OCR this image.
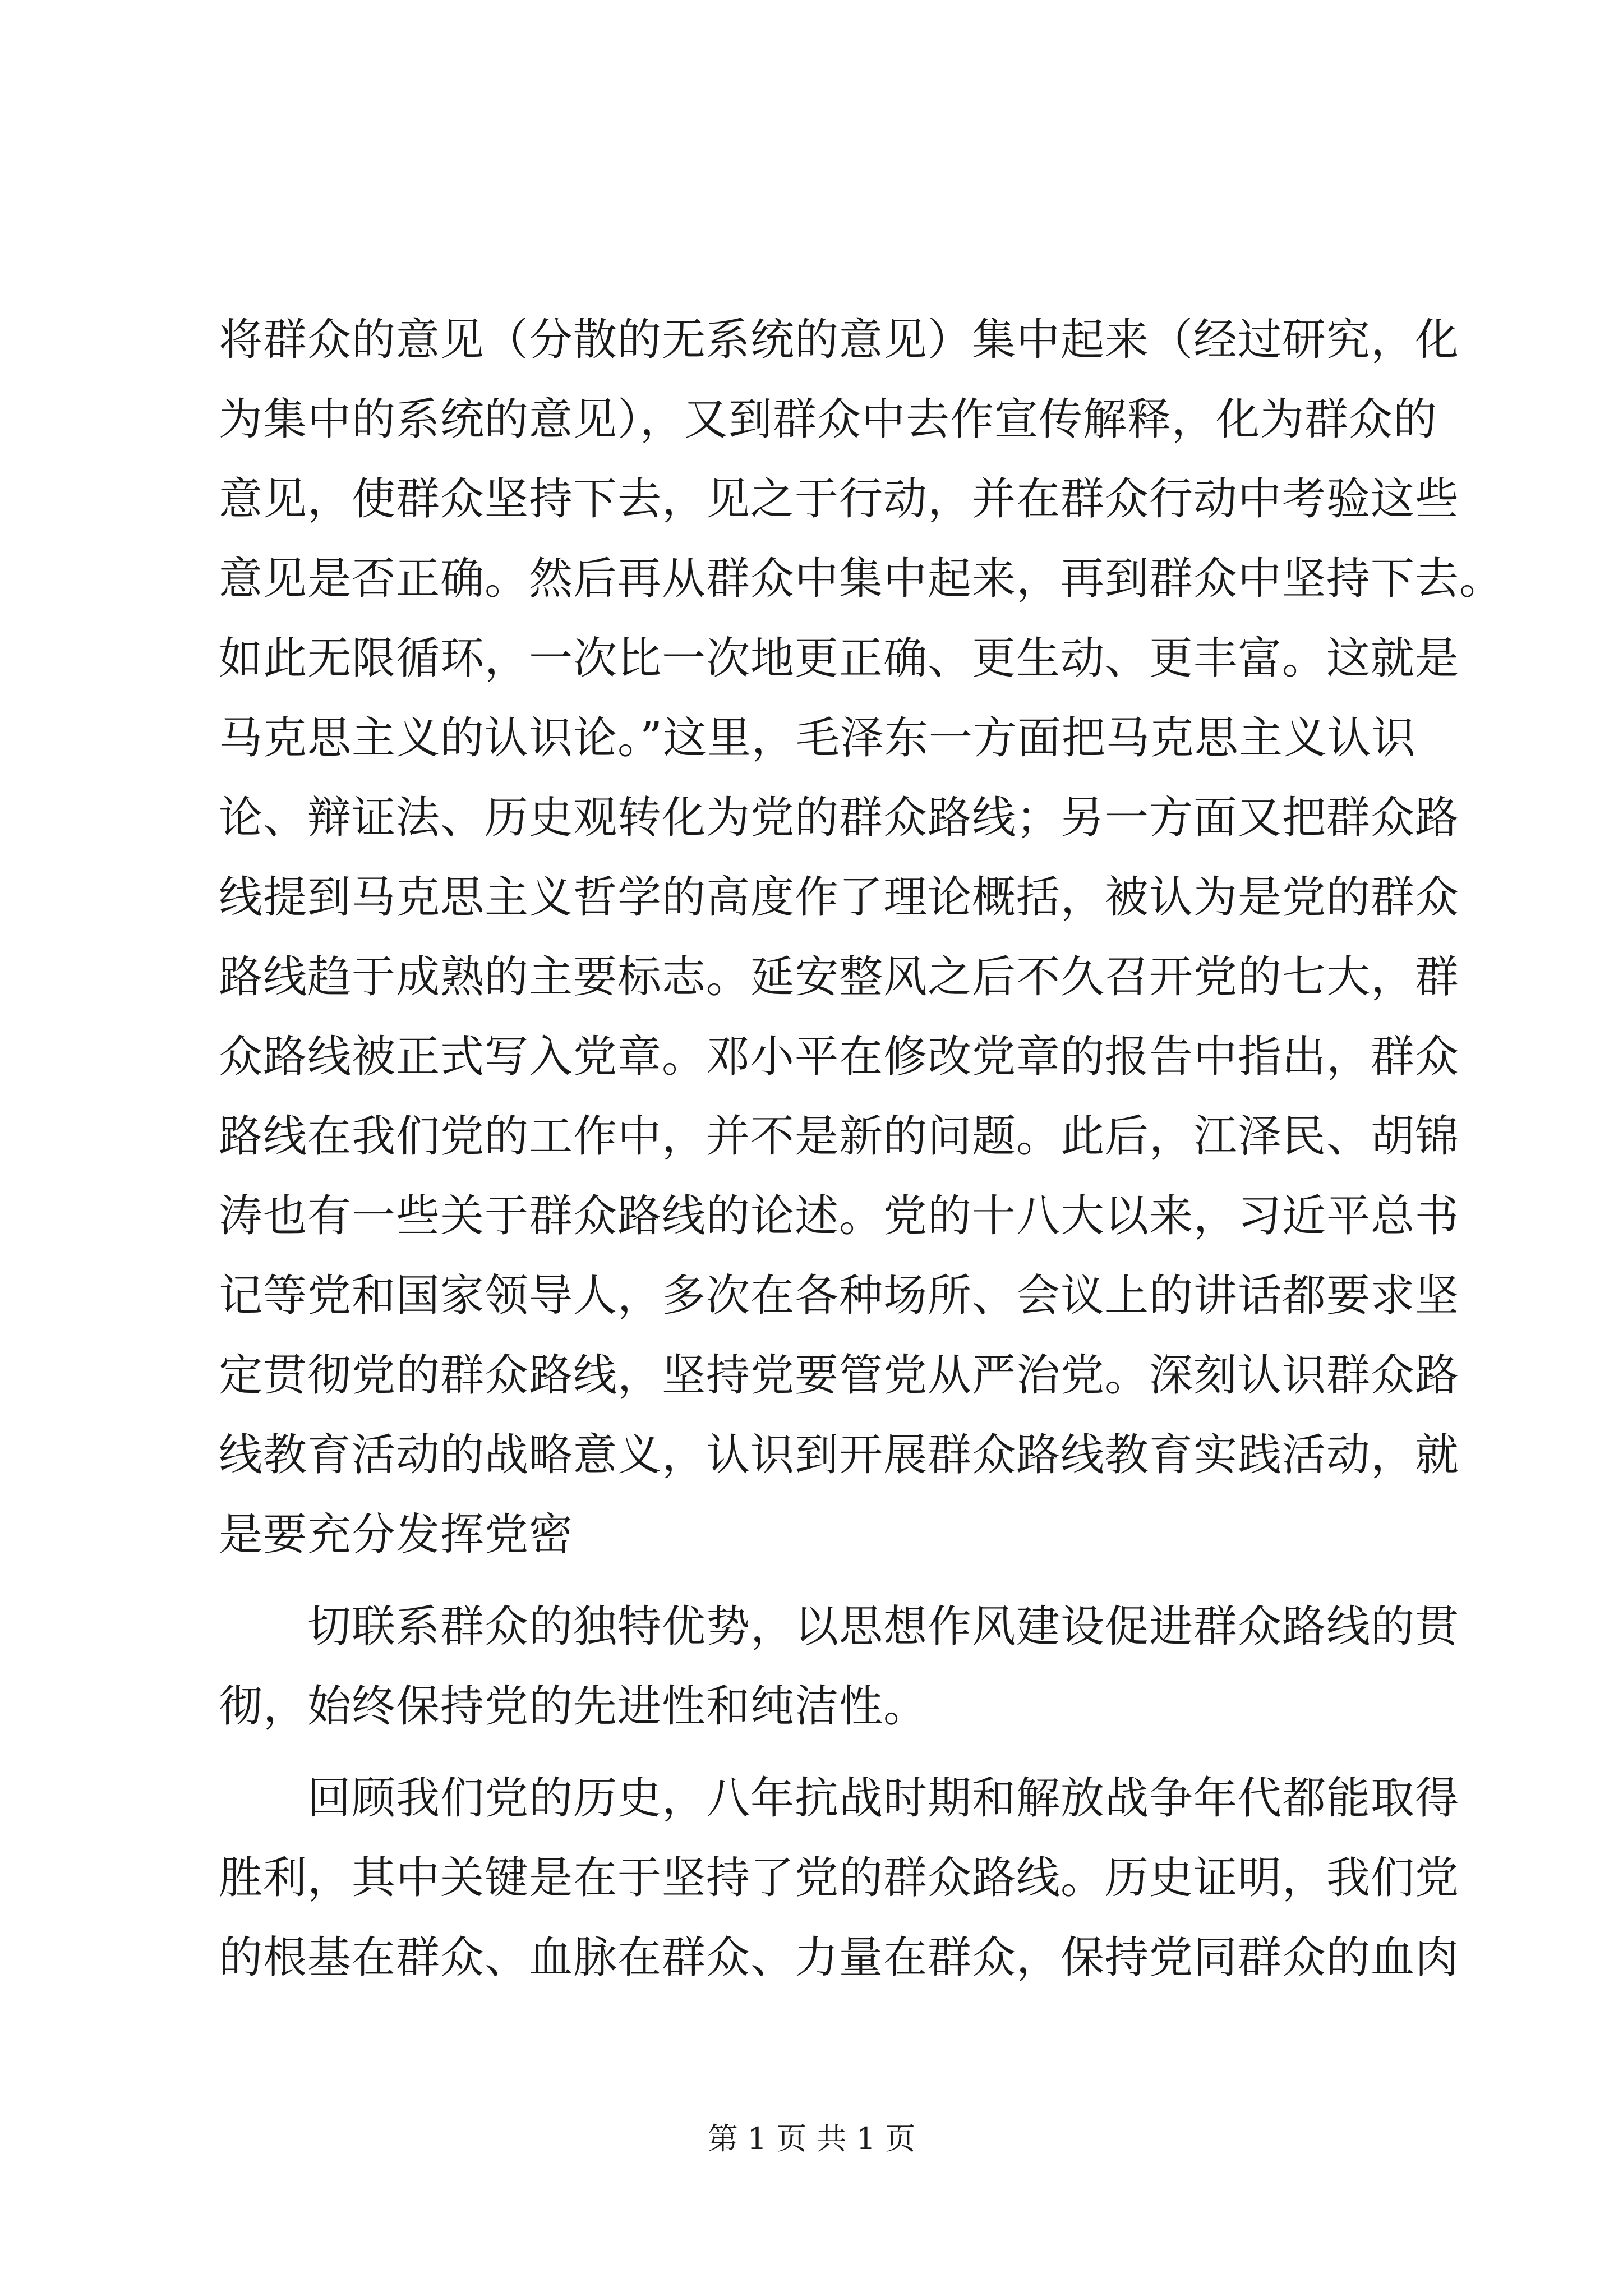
将群众的意见（分散的无系统的意见）集中起来（经过研究，化
为集中的系统的意见），又到群众中去作宣传解释，化为群众的
意见，使群众坚持下去，见之于行动，并在群众行动中考验这些
意见是否正确。然后再从群众中集中起来，再到群众中坚持下去。
如此无限循环，一次比一次地更正确、更生动、更丰富。这就是
马克思主义的认识论。”这里，毛泽东一方面把马克思主义认识
论、辩证法、历史观转化为党的群众路线；另一方面又把群众路
线提到马克思主义哲学的高度作了理论概括，被认为是党的群众
路线趋于成熟的主要标志。延安整风之后不久召开党的七大，群
众路线被正式写入党章。邓小平在修改党章的报告中指出，群众
路线在我们党的工作中，并不是新的问题。此后，江泽民、胡锦
涛也有一些关于群众路线的论述。党的十八大以来，习近平总书
记等党和国家领导人，多次在各种场所、会议上的讲话都要求坚
定贯彻党的群众路线，坚持党要管党从严治党。深刻认识群众路
线教育活动的战略意义，认识到开展群众路线教育实践活动，就
是要充分发挥党密
　　切联系群众的独特优势，以思想作风建设促进群众路线的贯
彻，始终保持党的先进性和纯洁性。
　　回顾我们党的历史，八年抗战时期和解放战争年代都能取得
胜利，其中关键是在于坚持了党的群众路线。历史证明，我们党
的根基在群众、血脉在群众、力量在群众，保持党同群众的血肉
第 1 页 共 1 页
